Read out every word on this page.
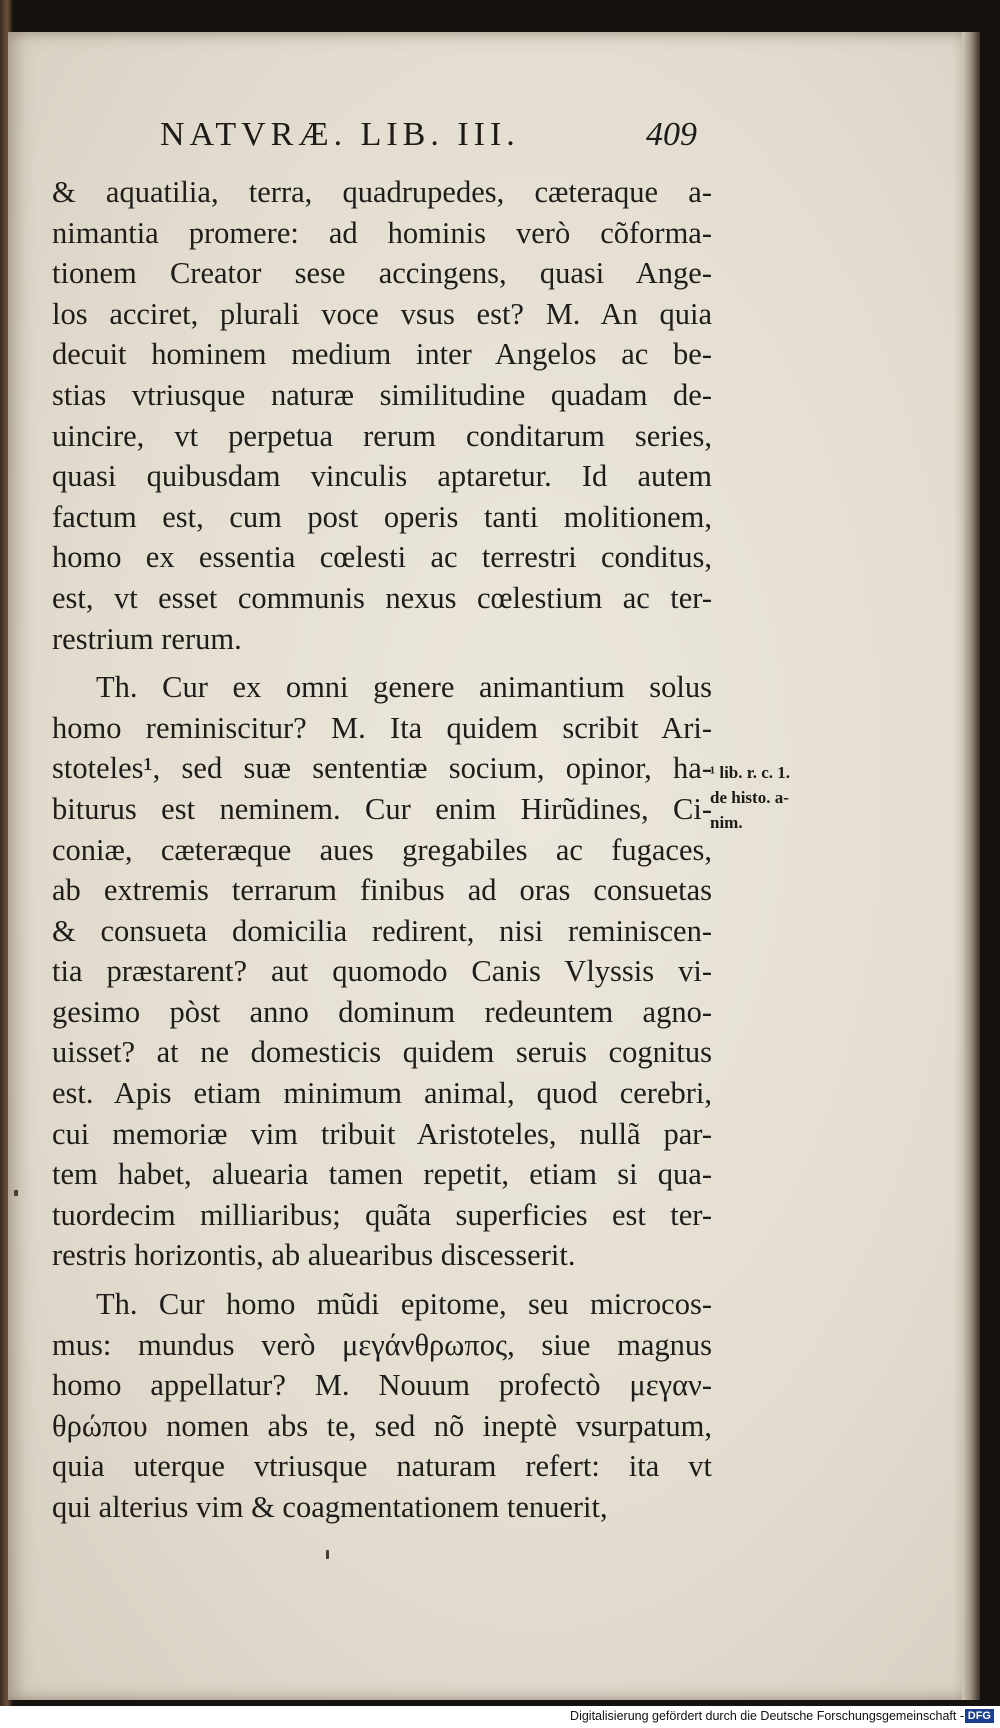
NATVRÆ. LIB. III.	409
& aquatilia, terra, quadrupedes, cæteraque a-
nimantia promere: ad hominis verò cõforma-
tionem Creator sese accingens, quasi Ange-
los acciret, plurali voce vsus est? M. An quia
decuit hominem medium inter Angelos ac be-
stias vtriusque naturæ similitudine quadam de-
uincire, vt perpetua rerum conditarum series,
quasi quibusdam vinculis aptaretur. Id autem
factum est, cum post operis tanti molitionem,
homo ex essentia cœlesti ac terrestri conditus,
est, vt esset communis nexus cœlestium ac ter-
restrium rerum.
Th. Cur ex omni genere animantium solus
homo reminiscitur? M. Ita quidem scribit Ari-
stoteles¹, sed suæ sententiæ socium, opinor, ha-
biturus est neminem. Cur enim Hirũdines, Ci-
coniæ, cæteræque aues gregabiles ac fugaces,
ab extremis terrarum finibus ad oras consuetas
& consueta domicilia redirent, nisi reminiscen-
tia præstarent? aut quomodo Canis Vlyssis vi-
gesimo pòst anno dominum redeuntem agno-
uisset? at ne domesticis quidem seruis cognitus
est. Apis etiam minimum animal, quod cerebri,
cui memoriæ vim tribuit Aristoteles, nullã par-
tem habet, aluearia tamen repetit, etiam si qua-
tuordecim milliaribus; quãta superficies est ter-
restris horizontis, ab aluearibus discesserit.
Th. Cur homo mũdi epitome, seu microcos-
mus: mundus verò μεγάνθρωπος, siue magnus
homo appellatur? M. Nouum profectò μεγαν-
θρώπου nomen abs te, sed nõ ineptè vsurpatum,
quia uterque vtriusque naturam refert: ita vt
qui alterius vim & coagmentationem tenuerit,
¹ lib. r. c. 1.
de histo. a-
nim.
Digitalisierung gefördert durch die Deutsche Forschungsgemeinschaft - DFG
